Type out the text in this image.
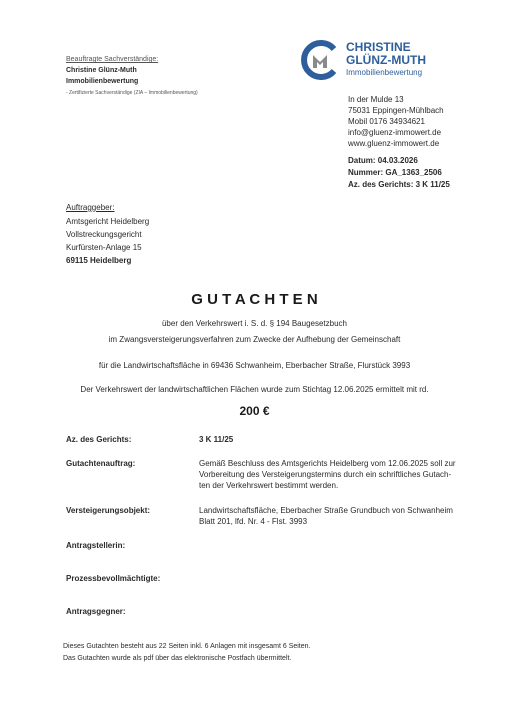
Beauftragte Sachverständige:
Christine Glünz-Muth
Immobilienbewertung
- Zertifizierte Sachverständige (ZIA – Immobilienbewertung)
CHRISTINE
GLÜNZ-MUTH
Immobilienbewertung
In der Mulde 13
75031 Eppingen-Mühlbach
Mobil 0176 34934621
info@gluenz-immowert.de
www.gluenz-immowert.de
Datum: 04.03.2026
Nummer: GA_1363_2506
Az. des Gerichts: 3 K 11/25
Auftraggeber:
Amtsgericht Heidelberg
Vollstreckungsgericht
Kurfürsten-Anlage 15
69115 Heidelberg
G U T A C H T E N
über den Verkehrswert i. S. d. § 194 Baugesetzbuch
im Zwangsversteigerungsverfahren zum Zwecke der Aufhebung der Gemeinschaft
für die Landwirtschaftsfläche in 69436 Schwanheim, Eberbacher Straße, Flurstück 3993
Der Verkehrswert der landwirtschaftlichen Flächen wurde zum Stichtag 12.06.2025 ermittelt mit rd.
200 €
Az. des Gerichts:	3 K 11/25
Gutachtenauftrag:	Gemäß Beschluss des Amtsgerichts Heidelberg vom 12.06.2025 soll zur
Vorbereitung des Versteigerungstermins durch ein schriftliches Gutach-
ten der Verkehrswert bestimmt werden.
Versteigerungsobjekt:	Landwirtschaftsfläche, Eberbacher Straße Grundbuch von Schwanheim
Blatt 201, lfd. Nr. 4 - Flst. 3993
Antragstellerin:
Prozessbevollmächtigte:
Antragsgegner:
Dieses Gutachten besteht aus 22 Seiten inkl. 6 Anlagen mit insgesamt 6 Seiten.
Das Gutachten wurde als pdf über das elektronische Postfach übermittelt.
